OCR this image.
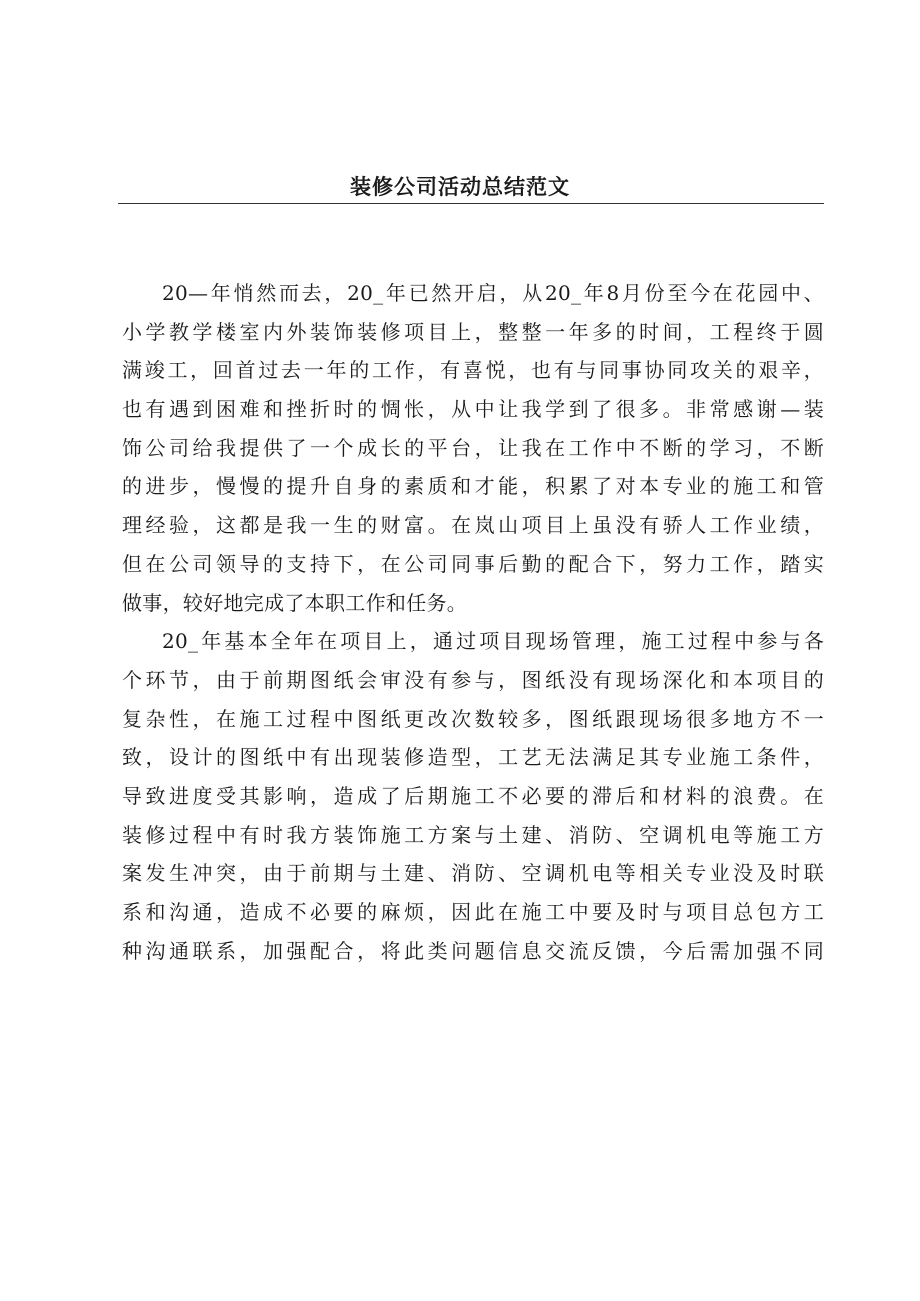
装修公司活动总结范文
20—年悄然而去，20_年已然开启，从20_年8月份至今在花园中、
小学教学楼室内外装饰装修项目上，整整一年多的时间，工程终于圆
满竣工，回首过去一年的工作，有喜悦，也有与同事协同攻关的艰辛，
也有遇到困难和挫折时的惆怅，从中让我学到了很多。非常感谢—装
饰公司给我提供了一个成长的平台，让我在工作中不断的学习，不断
的进步，慢慢的提升自身的素质和才能，积累了对本专业的施工和管
理经验，这都是我一生的财富。在岚山项目上虽没有骄人工作业绩，
但在公司领导的支持下，在公司同事后勤的配合下，努力工作，踏实
做事，较好地完成了本职工作和任务。
20_年基本全年在项目上，通过项目现场管理，施工过程中参与各
个环节，由于前期图纸会审没有参与，图纸没有现场深化和本项目的
复杂性，在施工过程中图纸更改次数较多，图纸跟现场很多地方不一
致，设计的图纸中有出现装修造型，工艺无法满足其专业施工条件，
导致进度受其影响，造成了后期施工不必要的滞后和材料的浪费。在
装修过程中有时我方装饰施工方案与土建、消防、空调机电等施工方
案发生冲突，由于前期与土建、消防、空调机电等相关专业没及时联
系和沟通，造成不必要的麻烦，因此在施工中要及时与项目总包方工
种沟通联系，加强配合，将此类问题信息交流反馈，今后需加强不同
